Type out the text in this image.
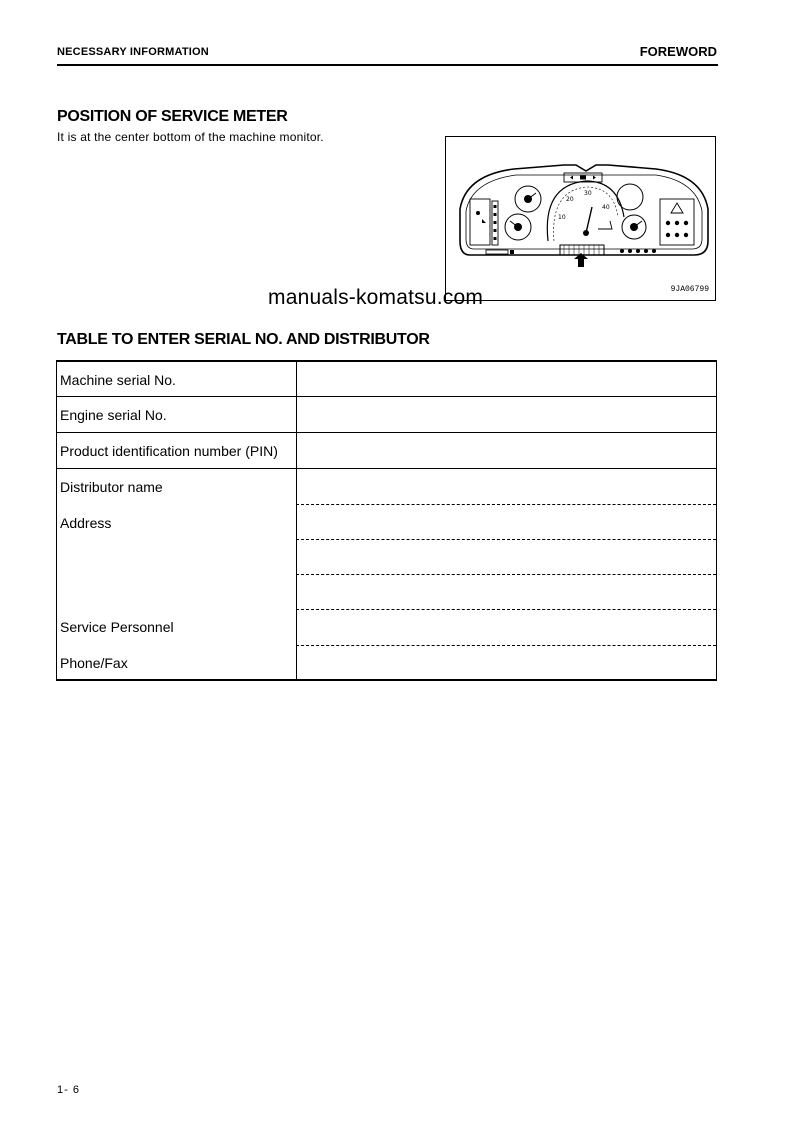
NECESSARY INFORMATION	FOREWORD
POSITION OF SERVICE METER
It is at the center bottom of the machine monitor.
10
20
30
40
9JA06799
manuals-komatsu.com
TABLE TO ENTER SERIAL NO. AND DISTRIBUTOR
Machine serial No.
Engine serial No.
Product identification number (PIN)
Distributor name
Address
Service Personnel
Phone/Fax
1- 6
